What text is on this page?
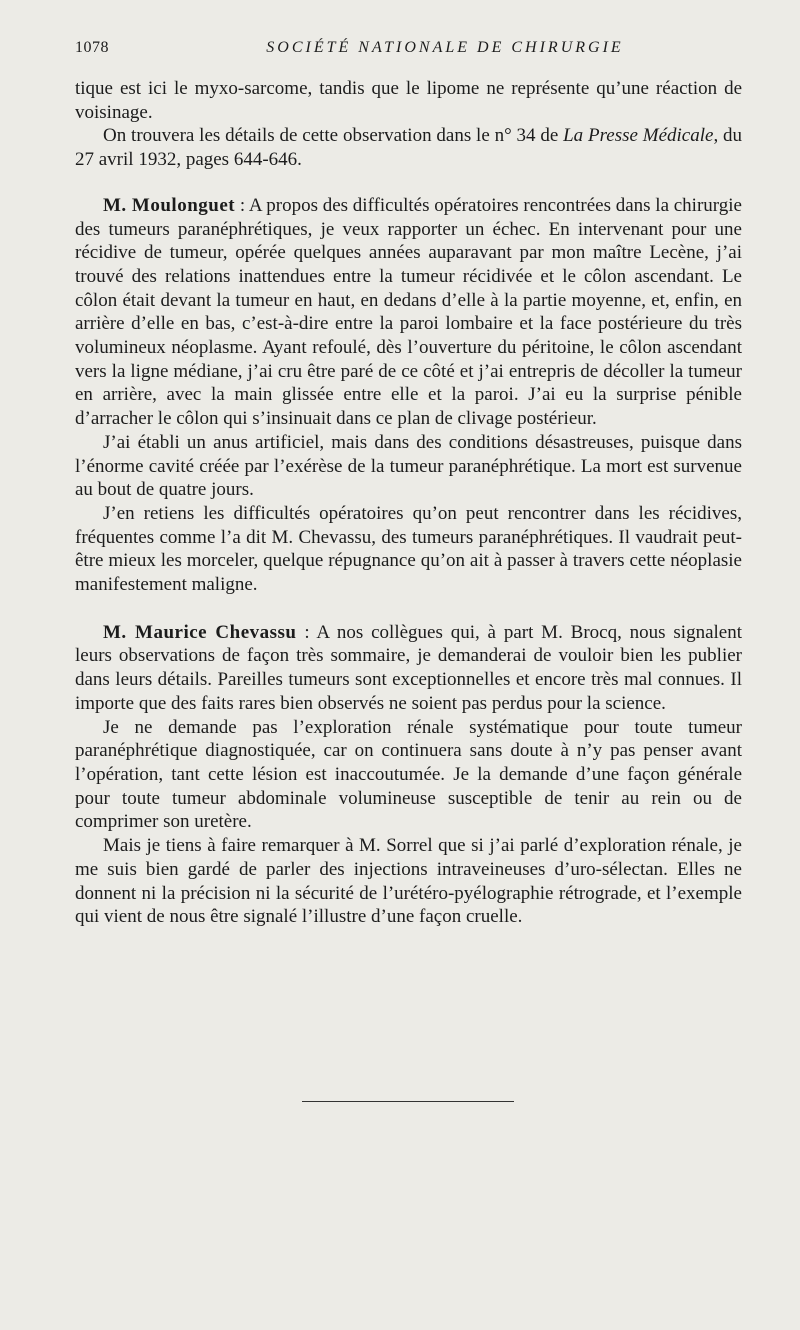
1078	SOCIÉTÉ NATIONALE DE CHIRURGIE

tique est ici le myxo-sarcome, tandis que le lipome ne représente qu’une réaction de voisinage.

On trouvera les détails de cette observation dans le n° 34 de La Presse Médicale, du 27 avril 1932, pages 644-646.

M. Moulonguet : A propos des difficultés opératoires rencontrées dans la chirurgie des tumeurs paranéphrétiques, je veux rapporter un échec. En intervenant pour une récidive de tumeur, opérée quelques années auparavant par mon maître Lecène, j’ai trouvé des relations inattendues entre la tumeur récidivée et le côlon ascendant. Le côlon était devant la tumeur en haut, en dedans d’elle à la partie moyenne, et, enfin, en arrière d’elle en bas, c’est-à-dire entre la paroi lombaire et la face postérieure du très volumineux néoplasme. Ayant refoulé, dès l’ouverture du péritoine, le côlon ascendant vers la ligne médiane, j’ai cru être paré de ce côté et j’ai entrepris de décoller la tumeur en arrière, avec la main glissée entre elle et la paroi. J’ai eu la surprise pénible d’arracher le côlon qui s’insinuait dans ce plan de clivage postérieur.

J’ai établi un anus artificiel, mais dans des conditions désastreuses, puisque dans l’énorme cavité créée par l’exérèse de la tumeur paranéphrétique. La mort est survenue au bout de quatre jours.

J’en retiens les difficultés opératoires qu’on peut rencontrer dans les récidives, fréquentes comme l’a dit M. Chevassu, des tumeurs paranéphrétiques. Il vaudrait peut-être mieux les morceler, quelque répugnance qu’on ait à passer à travers cette néoplasie manifestement maligne.

M. Maurice Chevassu : A nos collègues qui, à part M. Brocq, nous signalent leurs observations de façon très sommaire, je demanderai de vouloir bien les publier dans leurs détails. Pareilles tumeurs sont exceptionnelles et encore très mal connues. Il importe que des faits rares bien observés ne soient pas perdus pour la science.

Je ne demande pas l’exploration rénale systématique pour toute tumeur paranéphrétique diagnostiquée, car on continuera sans doute à n’y pas penser avant l’opération, tant cette lésion est inaccoutumée. Je la demande d’une façon générale pour toute tumeur abdominale volumineuse susceptible de tenir au rein ou de comprimer son uretère.

Mais je tiens à faire remarquer à M. Sorrel que si j’ai parlé d’exploration rénale, je me suis bien gardé de parler des injections intraveineuses d’uro-sélectan. Elles ne donnent ni la précision ni la sécurité de l’urétéro-pyélographie rétrograde, et l’exemple qui vient de nous être signalé l’illustre d’une façon cruelle.
